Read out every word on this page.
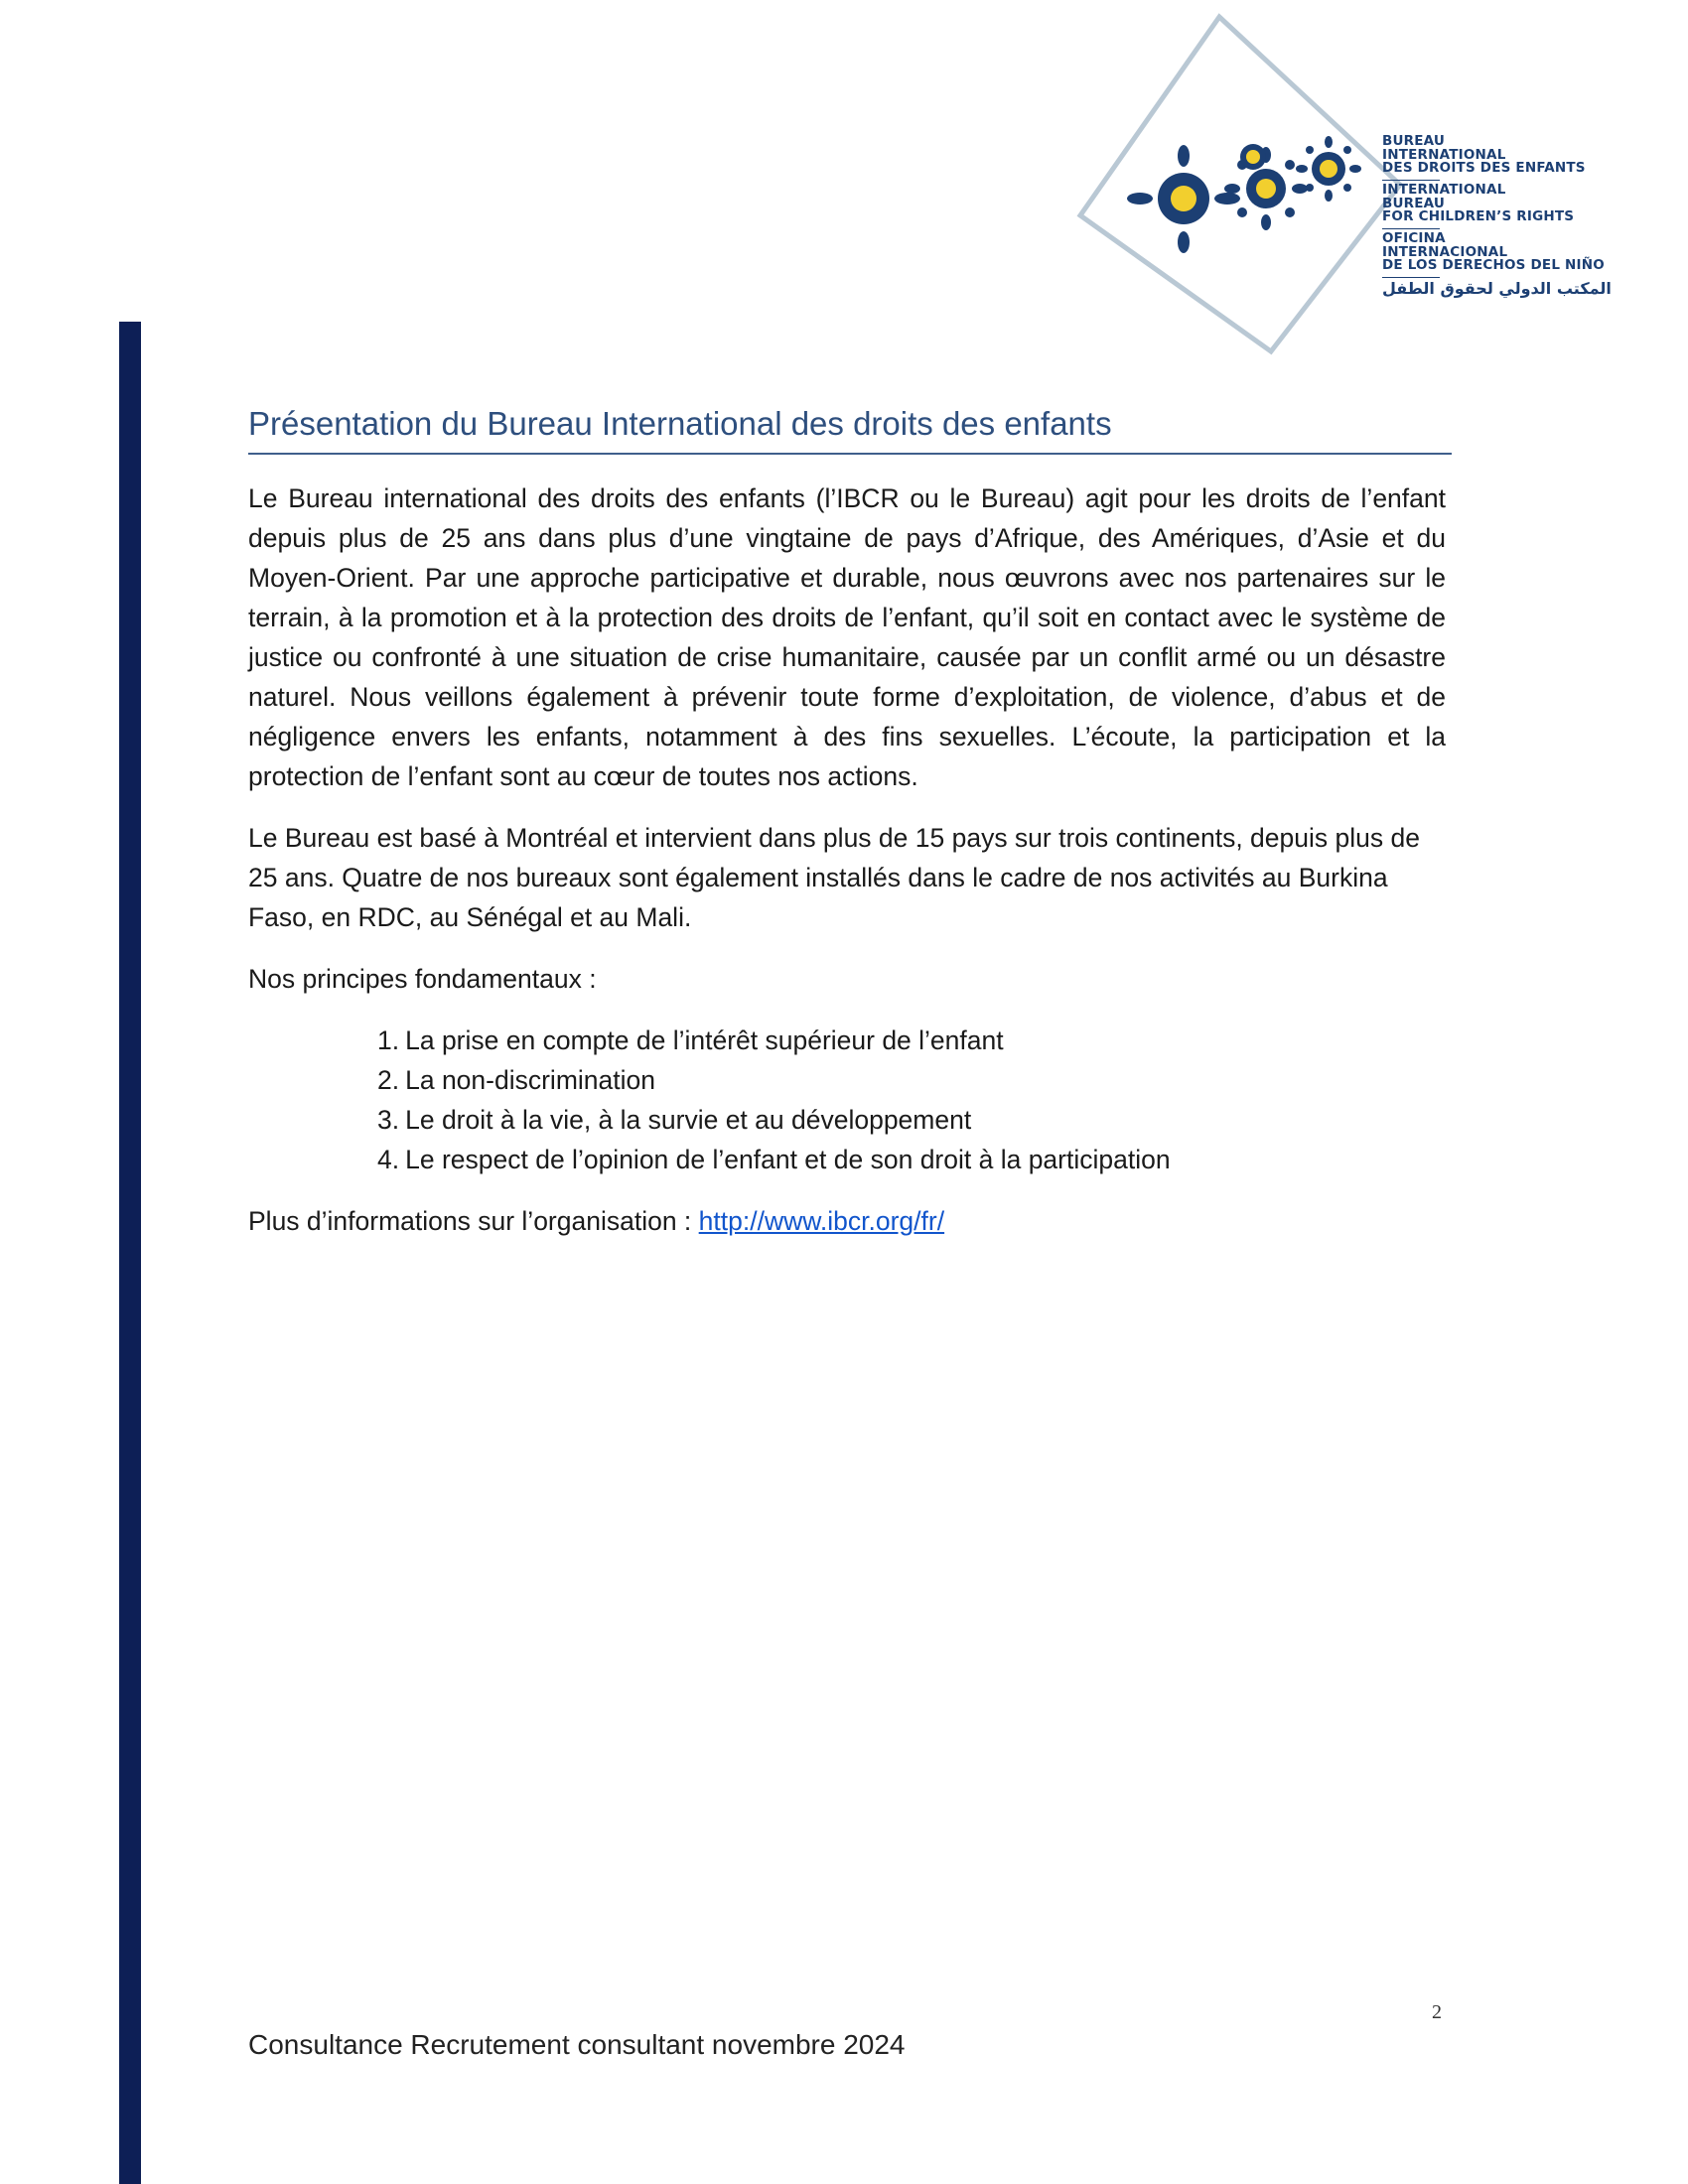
BUREAU
INTERNATIONAL
DES DROITS DES ENFANTS
INTERNATIONAL
BUREAU
FOR CHILDREN’S RIGHTS
OFICINA
INTERNACIONAL
DE LOS DERECHOS DEL NIÑO
المكتب الدولي لحقوق الطفل
Présentation du Bureau International des droits des enfants

Le Bureau international des droits des enfants (l’IBCR ou le Bureau) agit pour les droits de l’enfant depuis plus de 25 ans dans plus d’une vingtaine de pays d’Afrique, des Amériques, d’Asie et du Moyen-Orient. Par une approche participative et durable, nous œuvrons avec nos partenaires sur le terrain, à la promotion et à la protection des droits de l’enfant, qu’il soit en contact avec le système de justice ou confronté à une situation de crise humanitaire, causée par un conflit armé ou un désastre naturel. Nous veillons également à prévenir toute forme d’exploitation, de violence, d’abus et de négligence envers les enfants, notamment à des fins sexuelles. L’écoute, la participation et la protection de l’enfant sont au cœur de toutes nos actions.

Le Bureau est basé à Montréal et intervient dans plus de 15 pays sur trois continents, depuis plus de 25 ans. Quatre de nos bureaux sont également installés dans le cadre de nos activités au Burkina Faso, en RDC, au Sénégal et au Mali.

Nos principes fondamentaux :

1. La prise en compte de l’intérêt supérieur de l’enfant
2. La non-discrimination
3. Le droit à la vie, à la survie et au développement
4. Le respect de l’opinion de l’enfant et de son droit à la participation

Plus d’informations sur l’organisation : http://www.ibcr.org/fr/

2
Consultance Recrutement consultant novembre 2024
